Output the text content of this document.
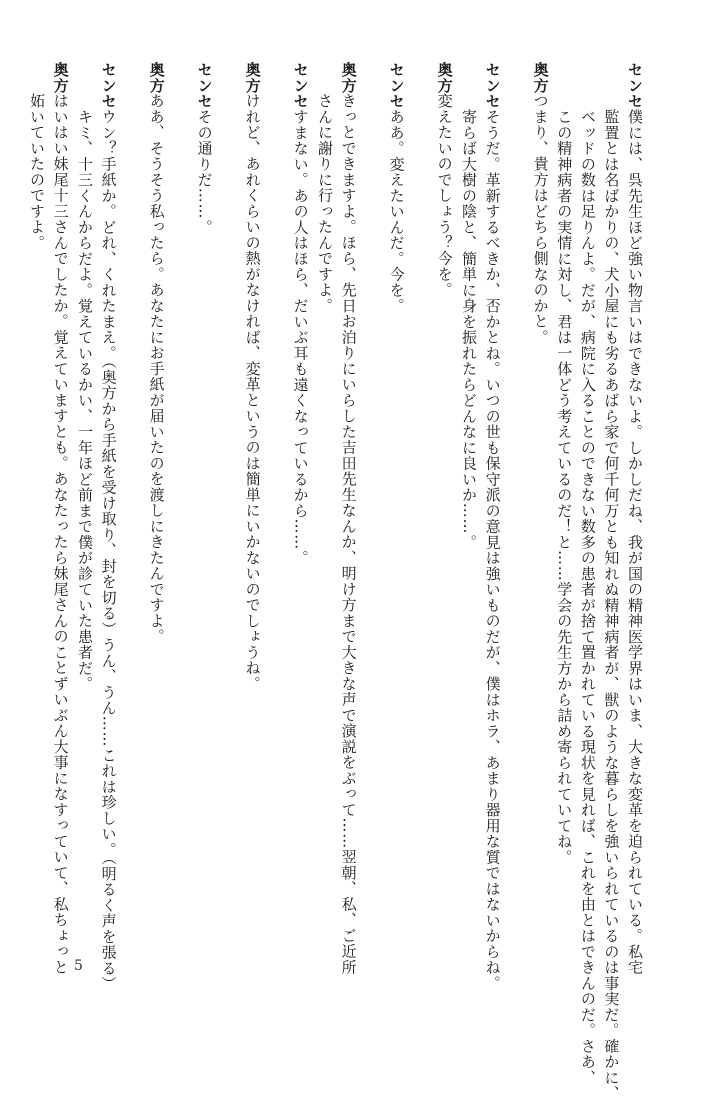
センセ
僕には、呉先生ほど強い物言いはできないよ。しかしだね、我が国の精神医学界はいま、大きな変革を迫られている。私宅
監置とは名ばかりの、犬小屋にも劣るあばら家で何千何万とも知れぬ精神病者が、獣のような暮らしを強いられているのは事実だ。確かに、
ベッドの数は足りんよ。だが、病院に入ることのできない数多の患者が捨て置かれている現状を見れば、これを由とはできんのだ。さあ、
この精神病者の実情に対し、君は一体どう考えているのだ！と……学会の先生方から詰め寄られていてね。
奥方
つまり、貴方はどちら側なのかと。
センセ
そうだ。革新するべきか、否かとね。いつの世も保守派の意見は強いものだが、僕はホラ、あまり器用な質ではないからね。
寄らば大樹の陰と、簡単に身を振れたらどんなに良いか……。
奥方
変えたいのでしょう？今を。
センセ
ああ。変えたいんだ。今を。
奥方
きっとできますよ。ほら、先日お泊りにいらした吉田先生なんか、明け方まで大きな声で演説をぶって……翌朝、私、ご近所
さんに謝りに行ったんですよ。
センセ
すまない。あの人はほら、だいぶ耳も遠くなっているから……。
奥方
けれど、あれくらいの熱がなければ、変革というのは簡単にいかないのでしょうね。
センセ
その通りだ……。
奥方
ああ、そうそう私ったら。あなたにお手紙が届いたのを渡しにきたんですよ。
センセ
ウン？手紙か。どれ、くれたまえ。（奥方から手紙を受け取り、封を切る）うん、うん……これは珍しい。（明るく声を張る）
キミ、十三くんからだよ。覚えているかい、一年ほど前まで僕が診ていた患者だ。
奥方
はいはい妹尾十三さんでしたか。覚えていますとも。あなたったら妹尾さんのことずいぶん大事になすっていて、私ちょっと
妬いていたのですよ。
5
